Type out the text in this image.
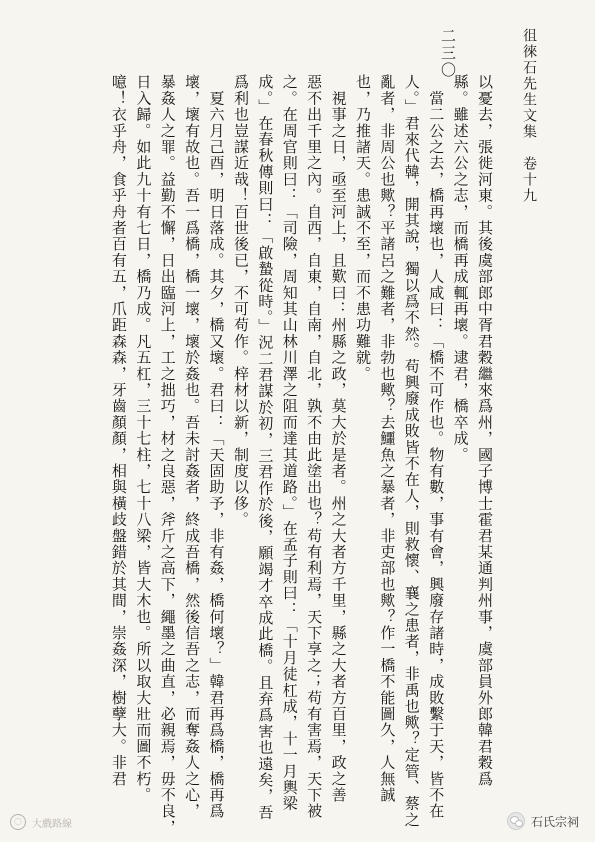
徂徠石先生文集　卷十九
二三〇
以憂去，張徙河東。其後虞部郎中胥君穀繼來爲州，國子博士霍君某通判州事，虞部員外郎韓君穀爲
縣。雖述六公之志，而橋再成輒再壞。逮君，橋卒成。
　當二公之去，橋再壞也，人咸曰：「橋不可作也。物有數，事有會，興廢存諸時，成敗繫于天，皆不在
人。」君來代韓，開其說，獨以爲不然。苟興廢成敗皆不在人，則救懷、襄之患者，非禹也歟？定管、蔡之
亂者，非周公也歟？平諸呂之難者，非勃也歟？去鱷魚之暴者，非吏部也歟？作一橋不能圖久，人無誠
也，乃推諸天。患誠不至，而不患功難就。
　視事之日，亟至河上，且歎曰：州縣之政，莫大於是者。州之大者方千里，縣之大者方百里，政之善
惡不出千里之內。自西，自東，自南，自北，孰不由此塗出也？苟有利焉，天下享之；苟有害焉，天下被
之。在周官則曰：「司險，周知其山林川澤之阻而達其道路。」在孟子則曰：「十月徒杠成，十一月輿梁
成。」在春秋傳則曰：「啟蟄從時。」況二君謀於初，三君作於後，願竭才卒成此橋。且弃爲害也遠矣，吾
爲利也豈謀近哉！百世後已，不可苟作。梓材以新，制度以侈。
　夏六月己酉，明日落成。其夕，橋又壞。君曰：「天固助予，非有姦，橋何壞？」韓君再爲橋，橋再爲
壞，壞有故也。吾一爲橋，橋一壞，壞於姦也。吾未討姦者，終成吾橋，然後信吾之志，而奪姦人之心，
暴姦人之罪。益勤不懈，日出臨河上，工之拙巧，材之良惡，斧斤之高下，繩墨之曲直，必親焉，毋不良，
日入歸。如此九十有七日，橋乃成。凡五杠，三十七柱，七十八梁，皆大木也。所以取大壯而圖不朽。
噫！衣乎舟，食乎舟者百有五，爪距森森，牙齒顏顏，相與橫歧盤錯於其間，崇姦深，樹孽大。非君
◌	大戲路線	石氏宗祠
